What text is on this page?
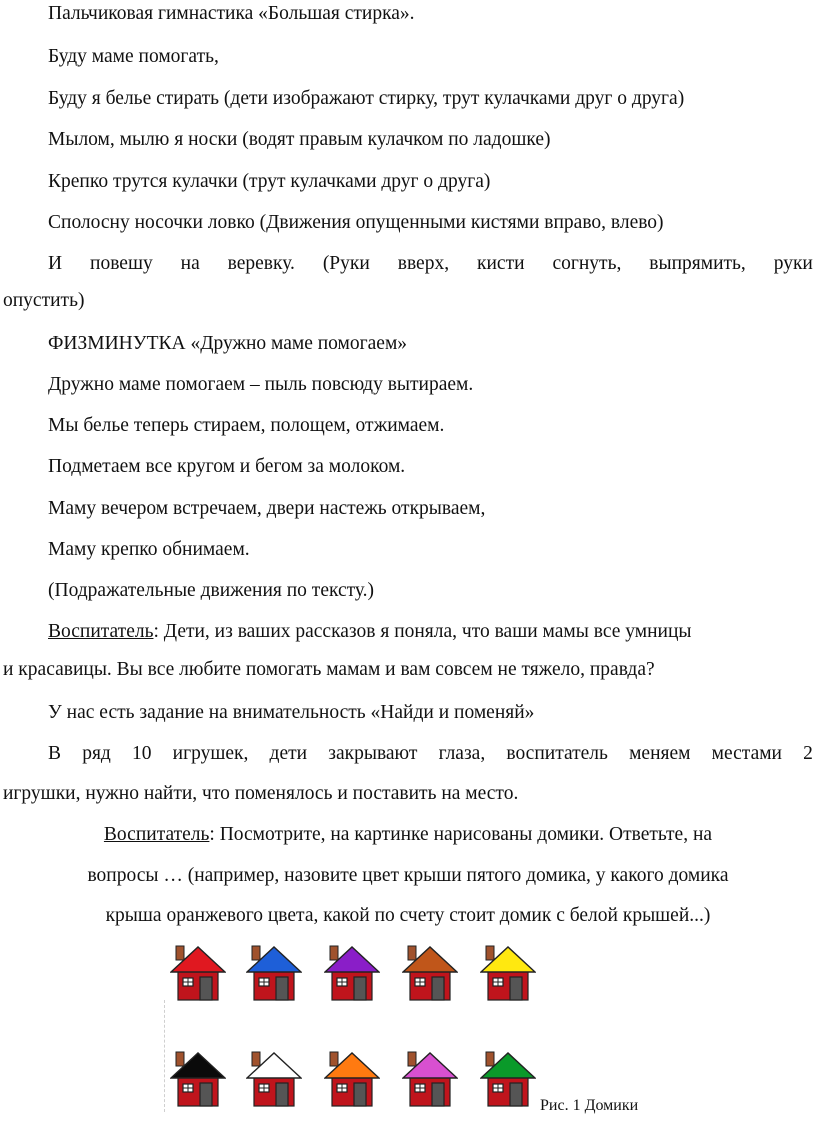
Пальчиковая гимнастика «Большая стирка».

Буду маме помогать,

Буду я белье стирать (дети изображают стирку, трут кулачками друг о друга)

Мылом, мылю я носки (водят правым кулачком по ладошке)

Крепко трутся кулачки (трут кулачками друг о друга)

Сполосну носочки ловко (Движения опущенными кистями вправо, влево)

И повешу на веревку. (Руки вверх, кисти согнуть, выпрямить, руки

опустить)

ФИЗМИНУТКА «Дружно маме помогаем»

Дружно маме помогаем – пыль повсюду вытираем.

Мы белье теперь стираем, полощем, отжимаем.

Подметаем все кругом и бегом за молоком.

Маму вечером встречаем, двери настежь открываем,

Маму крепко обнимаем.

(Подражательные движения по тексту.)

Воспитатель: Дети, из ваших рассказов я поняла, что ваши мамы все умницы

и красавицы. Вы все любите помогать мамам и вам совсем не тяжело, правда?

У нас есть задание на внимательность «Найди и поменяй»

В ряд 10 игрушек, дети закрывают глаза, воспитатель меняем местами 2

игрушки, нужно найти, что поменялось и поставить на место.

Воспитатель: Посмотрите, на картинке нарисованы домики. Ответьте, на

вопросы … (например, назовите цвет крыши пятого домика, у какого домика

крыша оранжевого цвета, какой по счету стоит домик с белой крышей...)

Рис. 1 Домики
